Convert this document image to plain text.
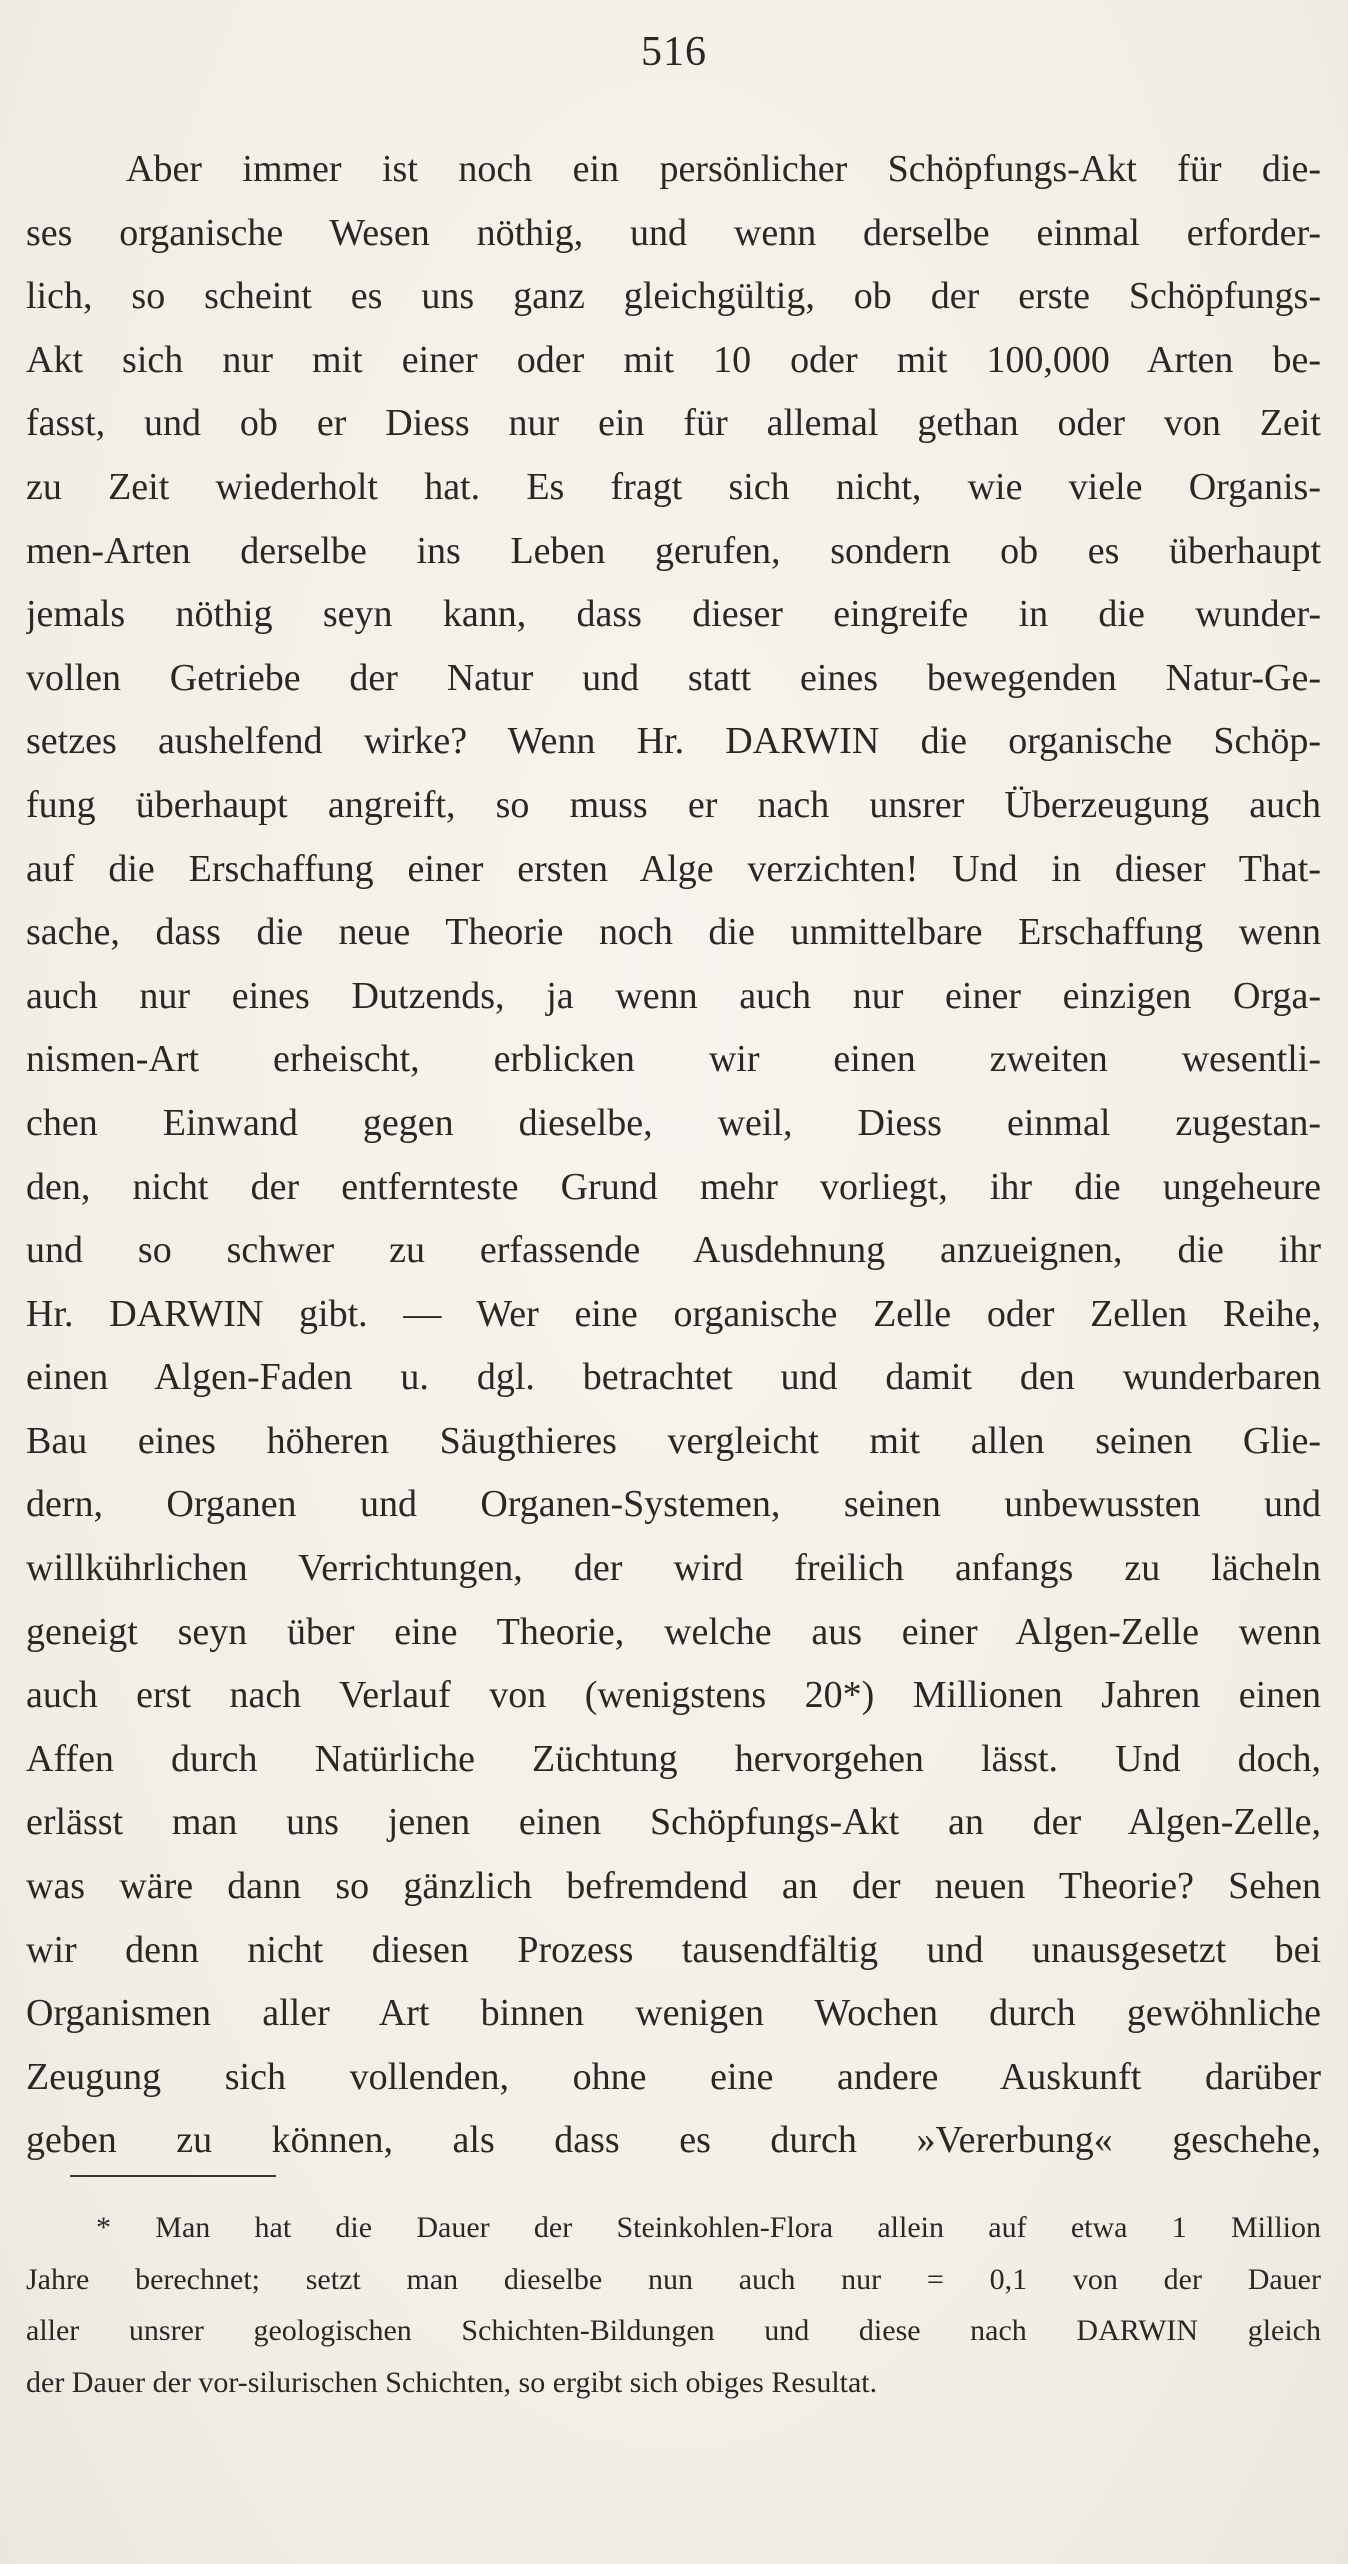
516
Aber immer ist noch ein persönlicher Schöpfungs-Akt für die-
ses organische Wesen nöthig, und wenn derselbe einmal erforder-
lich, so scheint es uns ganz gleichgültig, ob der erste Schöpfungs-
Akt sich nur mit einer oder mit 10 oder mit 100,000 Arten be-
fasst, und ob er Diess nur ein für allemal gethan oder von Zeit
zu Zeit wiederholt hat. Es fragt sich nicht, wie viele Organis-
men-Arten derselbe ins Leben gerufen, sondern ob es überhaupt
jemals nöthig seyn kann, dass dieser eingreife in die wunder-
vollen Getriebe der Natur und statt eines bewegenden Natur-Ge-
setzes aushelfend wirke? Wenn Hr. DARWIN die organische Schöp-
fung überhaupt angreift, so muss er nach unsrer Überzeugung auch
auf die Erschaffung einer ersten Alge verzichten! Und in dieser That-
sache, dass die neue Theorie noch die unmittelbare Erschaffung wenn
auch nur eines Dutzends, ja wenn auch nur einer einzigen Orga-
nismen-Art erheischt, erblicken wir einen zweiten wesentli-
chen Einwand gegen dieselbe, weil, Diess einmal zugestan-
den, nicht der entfernteste Grund mehr vorliegt, ihr die ungeheure
und so schwer zu erfassende Ausdehnung anzueignen, die ihr
Hr. DARWIN gibt. — Wer eine organische Zelle oder Zellen Reihe,
einen Algen-Faden u. dgl. betrachtet und damit den wunderbaren
Bau eines höheren Säugthieres vergleicht mit allen seinen Glie-
dern, Organen und Organen-Systemen, seinen unbewussten und
willkührlichen Verrichtungen, der wird freilich anfangs zu lächeln
geneigt seyn über eine Theorie, welche aus einer Algen-Zelle wenn
auch erst nach Verlauf von (wenigstens 20*) Millionen Jahren einen
Affen durch Natürliche Züchtung hervorgehen lässt. Und doch,
erlässt man uns jenen einen Schöpfungs-Akt an der Algen-Zelle,
was wäre dann so gänzlich befremdend an der neuen Theorie? Sehen
wir denn nicht diesen Prozess tausendfältig und unausgesetzt bei
Organismen aller Art binnen wenigen Wochen durch gewöhnliche
Zeugung sich vollenden, ohne eine andere Auskunft darüber
geben zu können, als dass es durch »Vererbung« geschehe,
* Man hat die Dauer der Steinkohlen-Flora allein auf etwa 1 Million
Jahre berechnet; setzt man dieselbe nun auch nur = 0,1 von der Dauer
aller unsrer geologischen Schichten-Bildungen und diese nach DARWIN gleich
der Dauer der vor-silurischen Schichten, so ergibt sich obiges Resultat.
